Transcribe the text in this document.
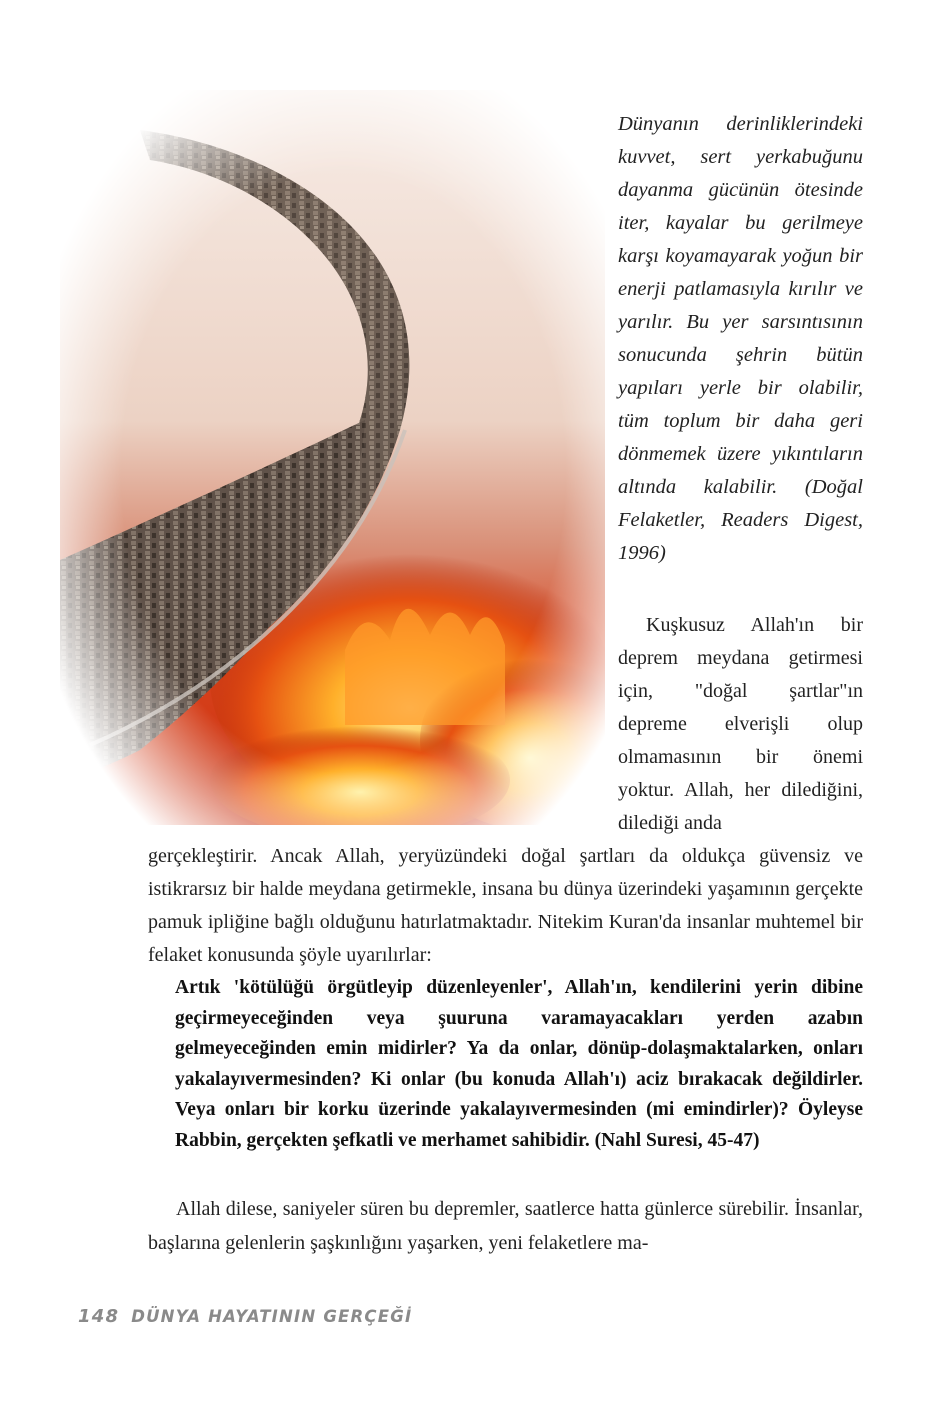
Dünyanın derinliklerindeki kuvvet, sert yerkabuğunu dayanma gücünün ötesinde iter, kayalar bu gerilmeye karşı koyamayarak yoğun bir enerji patlamasıyla kırılır ve yarılır. Bu yer sarsıntısının sonucunda şehrin bütün yapıları yerle bir olabilir, tüm toplum bir daha geri dönmemek üzere yıkıntıların altında kalabilir. (Doğal Felaketler, Readers Digest, 1996)

Kuşkusuz Allah'ın bir deprem meydana getirmesi için, "doğal şartlar"ın depreme elverişli olup olmamasının bir önemi yoktur. Allah, her dilediğini, dilediği anda

gerçekleştirir. Ancak Allah, yeryüzündeki doğal şartları da oldukça güvensiz ve istikrarsız bir halde meydana getirmekle, insana bu dünya üzerindeki yaşamının gerçekte pamuk ipliğine bağlı olduğunu hatırlatmaktadır. Nitekim Kuran'da insanlar muhtemel bir felaket konusunda şöyle uyarılırlar:

Artık 'kötülüğü örgütleyip düzenleyenler', Allah'ın, kendilerini yerin dibine geçirmeyeceğinden veya şuuruna varamayacakları yerden azabın gelmeyeceğinden emin midirler? Ya da onlar, dönüp-dolaşmaktalarken, onları yakalayıvermesinden? Ki onlar (bu konuda Allah'ı) aciz bırakacak değildirler. Veya onları bir korku üzerinde yakalayıvermesinden (mi emindirler)? Öyleyse Rabbin, gerçekten şefkatli ve merhamet sahibidir. (Nahl Suresi, 45-47)

Allah dilese, saniyeler süren bu depremler, saatlerce hatta günlerce sürebilir. İnsanlar, başlarına gelenlerin şaşkınlığını yaşarken, yeni felaketlere ma-

148 DÜNYA HAYATININ GERÇEĞİ
